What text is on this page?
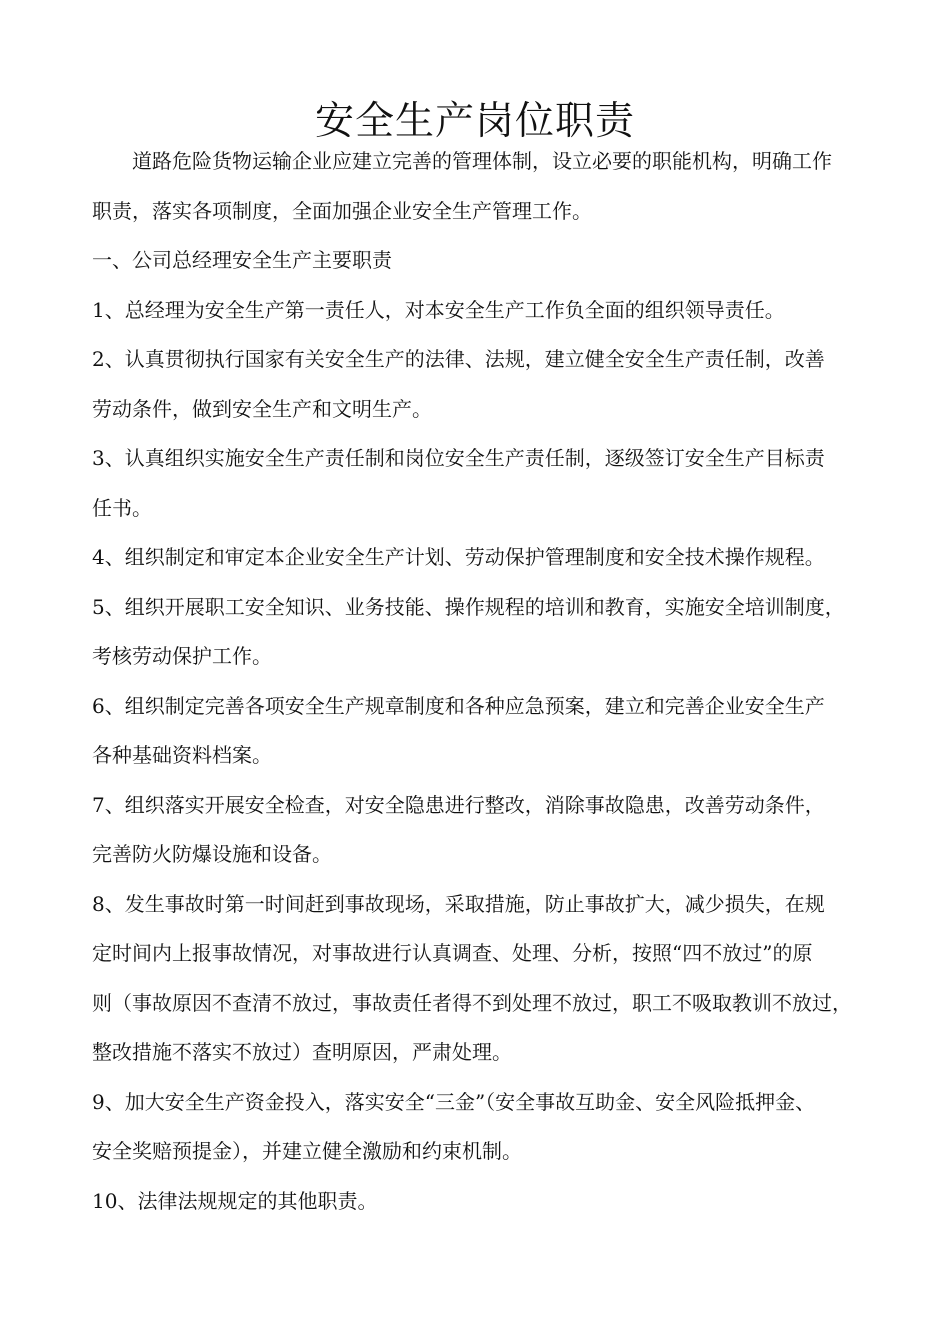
安全生产岗位职责
道路危险货物运输企业应建立完善的管理体制，设立必要的职能机构，明确工作
职责，落实各项制度，全面加强企业安全生产管理工作。
一、公司总经理安全生产主要职责
1、总经理为安全生产第一责任人，对本安全生产工作负全面的组织领导责任。
2、认真贯彻执行国家有关安全生产的法律、法规，建立健全安全生产责任制，改善
劳动条件，做到安全生产和文明生产。
3、认真组织实施安全生产责任制和岗位安全生产责任制，逐级签订安全生产目标责
任书。
4、组织制定和审定本企业安全生产计划、劳动保护管理制度和安全技术操作规程。
5、组织开展职工安全知识、业务技能、操作规程的培训和教育，实施安全培训制度，
考核劳动保护工作。
6、组织制定完善各项安全生产规章制度和各种应急预案，建立和完善企业安全生产
各种基础资料档案。
7、组织落实开展安全检查，对安全隐患进行整改，消除事故隐患，改善劳动条件，
完善防火防爆设施和设备。
8、发生事故时第一时间赶到事故现场，采取措施，防止事故扩大，减少损失，在规
定时间内上报事故情况，对事故进行认真调查、处理、分析，按照“四不放过”的原
则（事故原因不查清不放过，事故责任者得不到处理不放过，职工不吸取教训不放过，
整改措施不落实不放过）查明原因，严肃处理。
9、加大安全生产资金投入，落实安全“三金”（安全事故互助金、安全风险抵押金、
安全奖赔预提金），并建立健全激励和约束机制。
10、法律法规规定的其他职责。
